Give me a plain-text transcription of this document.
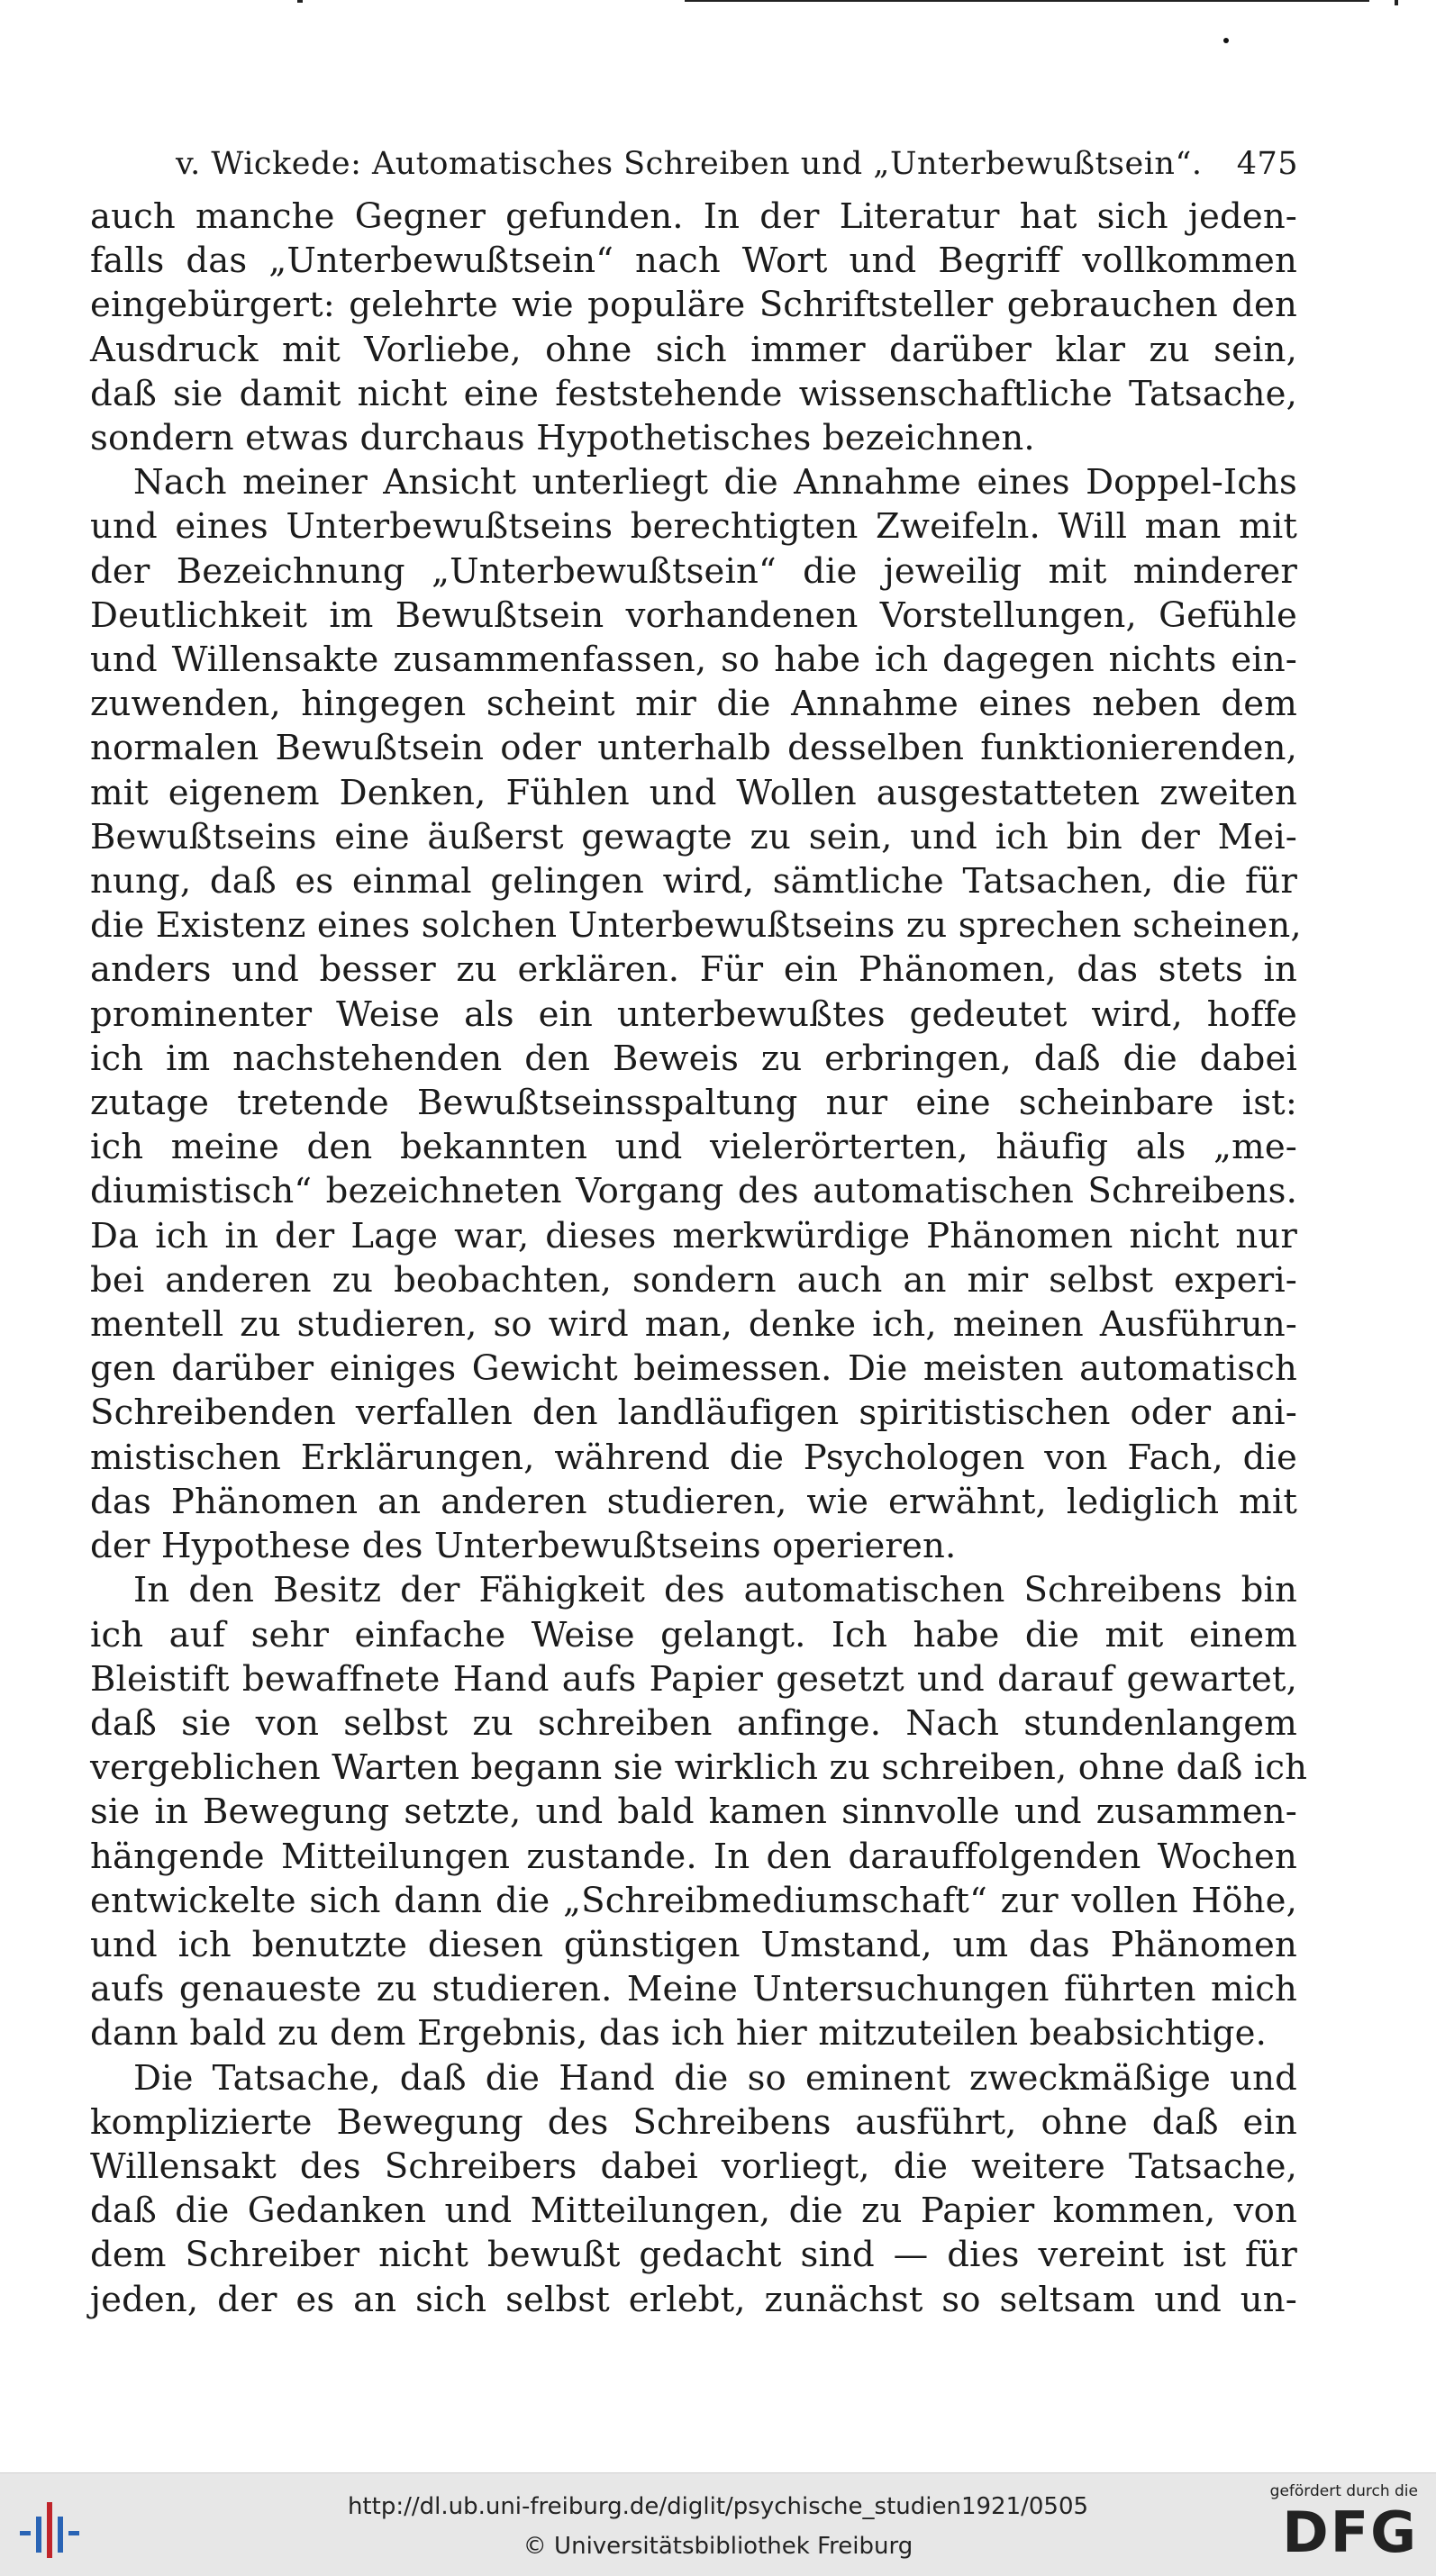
v. Wickede: Automatisches Schreiben und „Unterbewußtsein“. 475

auch manche Gegner gefunden. In der Literatur hat sich jeden-
falls das „Unterbewußtsein“ nach Wort und Begriff vollkommen
eingebürgert: gelehrte wie populäre Schriftsteller gebrauchen den
Ausdruck mit Vorliebe, ohne sich immer darüber klar zu sein,
daß sie damit nicht eine feststehende wissenschaftliche Tatsache,
sondern etwas durchaus Hypothetisches bezeichnen.

Nach meiner Ansicht unterliegt die Annahme eines Doppel-Ichs
und eines Unterbewußtseins berechtigten Zweifeln. Will man mit
der Bezeichnung „Unterbewußtsein“ die jeweilig mit minderer
Deutlichkeit im Bewußtsein vorhandenen Vorstellungen, Gefühle
und Willensakte zusammenfassen, so habe ich dagegen nichts ein-
zuwenden, hingegen scheint mir die Annahme eines neben dem
normalen Bewußtsein oder unterhalb desselben funktionierenden,
mit eigenem Denken, Fühlen und Wollen ausgestatteten zweiten
Bewußtseins eine äußerst gewagte zu sein, und ich bin der Mei-
nung, daß es einmal gelingen wird, sämtliche Tatsachen, die für
die Existenz eines solchen Unterbewußtseins zu sprechen scheinen,
anders und besser zu erklären. Für ein Phänomen, das stets in
prominenter Weise als ein unterbewußtes gedeutet wird, hoffe
ich im nachstehenden den Beweis zu erbringen, daß die dabei
zutage tretende Bewußtseinsspaltung nur eine scheinbare ist:
ich meine den bekannten und vielerörterten, häufig als „me-
diumistisch“ bezeichneten Vorgang des automatischen Schreibens.
Da ich in der Lage war, dieses merkwürdige Phänomen nicht nur
bei anderen zu beobachten, sondern auch an mir selbst experi-
mentell zu studieren, so wird man, denke ich, meinen Ausführun-
gen darüber einiges Gewicht beimessen. Die meisten automatisch
Schreibenden verfallen den landläufigen spiritistischen oder ani-
mistischen Erklärungen, während die Psychologen von Fach, die
das Phänomen an anderen studieren, wie erwähnt, lediglich mit
der Hypothese des Unterbewußtseins operieren.

In den Besitz der Fähigkeit des automatischen Schreibens bin
ich auf sehr einfache Weise gelangt. Ich habe die mit einem
Bleistift bewaffnete Hand aufs Papier gesetzt und darauf gewartet,
daß sie von selbst zu schreiben anfinge. Nach stundenlangem
vergeblichen Warten begann sie wirklich zu schreiben, ohne daß ich
sie in Bewegung setzte, und bald kamen sinnvolle und zusammen-
hängende Mitteilungen zustande. In den darauffolgenden Wochen
entwickelte sich dann die „Schreibmediumschaft“ zur vollen Höhe,
und ich benutzte diesen günstigen Umstand, um das Phänomen
aufs genaueste zu studieren. Meine Untersuchungen führten mich
dann bald zu dem Ergebnis, das ich hier mitzuteilen beabsichtige.

Die Tatsache, daß die Hand die so eminent zweckmäßige und
komplizierte Bewegung des Schreibens ausführt, ohne daß ein
Willensakt des Schreibers dabei vorliegt, die weitere Tatsache,
daß die Gedanken und Mitteilungen, die zu Papier kommen, von
dem Schreiber nicht bewußt gedacht sind — dies vereint ist für
jeden, der es an sich selbst erlebt, zunächst so seltsam und un-

http://dl.ub.uni-freiburg.de/diglit/psychische_studien1921/0505
© Universitätsbibliothek Freiburg
gefördert durch die
DFG
